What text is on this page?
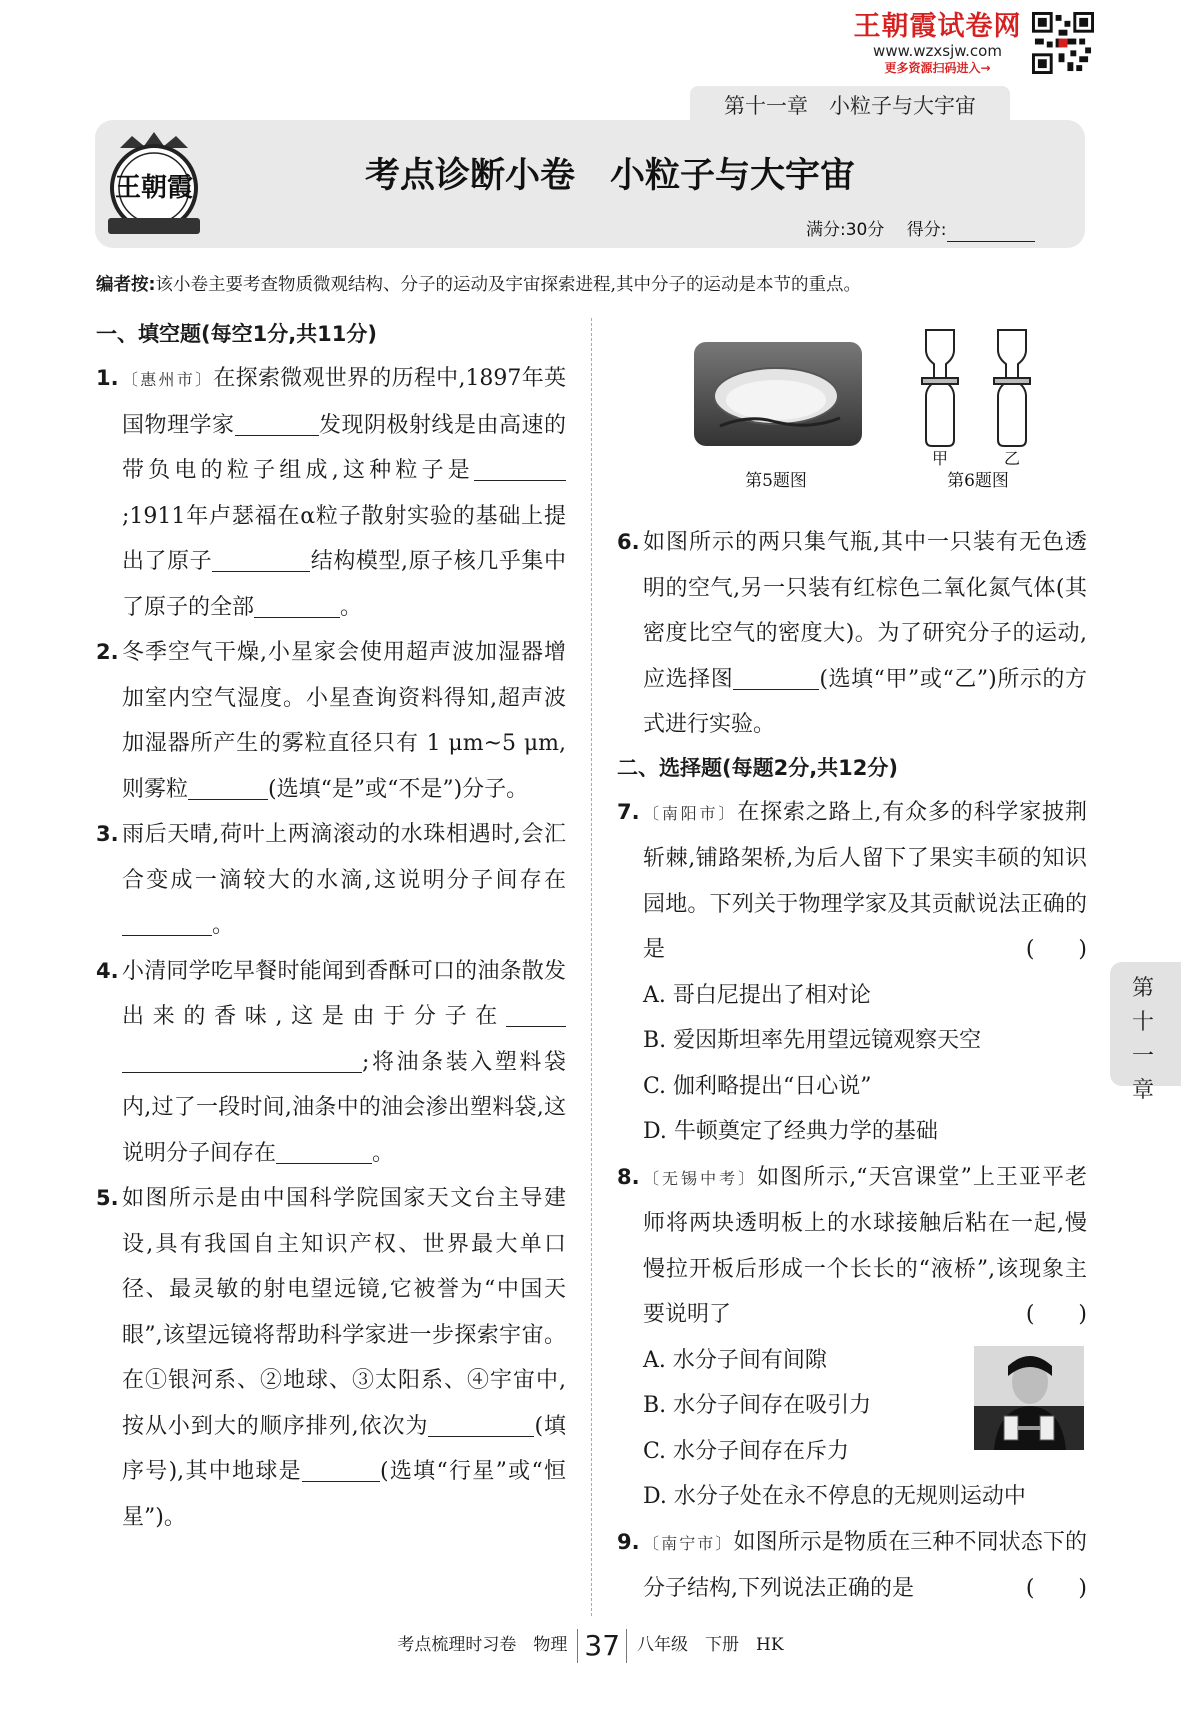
王朝霞试卷网
www.wzxsjw.com
更多资源扫码进入→
第十一章　小粒子与大宇宙
王朝霞	考点诊断小卷　小粒子与大宇宙
满分:30分　 得分:
编者按:该小卷主要考查物质微观结构、分子的运动及宇宙探索进程,其中分子的运动是本节的重点。
一、填空题(每空1分,共11分)
1. 〔惠州市〕在探索微观世界的历程中,1897年英国物理学家	发现阴极射线是由高速的带负电的粒子组成,这种粒子是;1911年卢瑟福在α粒子散射实验的基础上提出了原子	结构模型,原子核几乎集中了原子的全部	。
2. 冬季空气干燥,小星家会使用超声波加湿器增加室内空气湿度。小星查询资料得知,超声波加湿器所产生的雾粒直径只有 1 μm~5 μm,则雾粒	(选填“是”或“不是”)分子。
3. 雨后天晴,荷叶上两滴滚动的水珠相遇时,会汇合变成一滴较大的水滴,这说明分子间存在。
4. 小清同学吃早餐时能闻到香酥可口的油条散发出来的香味,这是由于分子在;将油条装入塑料袋内,过了一段时间,油条中的油会渗出塑料袋,这说明分子间存在	。
5. 如图所示是由中国科学院国家天文台主导建设,具有我国自主知识产权、世界最大单口径、最灵敏的射电望远镜,它被誉为“中国天眼”,该望远镜将帮助科学家进一步探索宇宙。在①银河系、②地球、③太阳系、④宇宙中,按从小到大的顺序排列,依次为	(填序号),其中地球是	(选填“行星”或“恒星”)。
甲	乙
第5题图	第6题图
6. 如图所示的两只集气瓶,其中一只装有无色透明的空气,另一只装有红棕色二氧化氮气体(其密度比空气的密度大)。为了研究分子的运动,应选择图	(选填“甲”或“乙”)所示的方式进行实验。
二、选择题(每题2分,共12分)
7. 〔南阳市〕在探索之路上,有众多的科学家披荆斩棘,铺路架桥,为后人留下了果实丰硕的知识园地。下列关于物理学家及其贡献说法正确的是	(　　)
A. 哥白尼提出了相对论
B. 爱因斯坦率先用望远镜观察天空
C. 伽利略提出“日心说”
D. 牛顿奠定了经典力学的基础
8. 〔无锡中考〕如图所示,“天宫课堂”上王亚平老师将两块透明板上的水球接触后粘在一起,慢慢拉开板后形成一个长长的“液桥”,该现象主要说明了	(　　)
A. 水分子间有间隙
B. 水分子间存在吸引力
C. 水分子间存在斥力
D. 水分子处在永不停息的无规则运动中
9. 〔南宁市〕如图所示是物质在三种不同状态下的分子结构,下列说法正确的是	(　　)
第十一章
考点梳理时习卷　物理 37 八年级　下册　HK
